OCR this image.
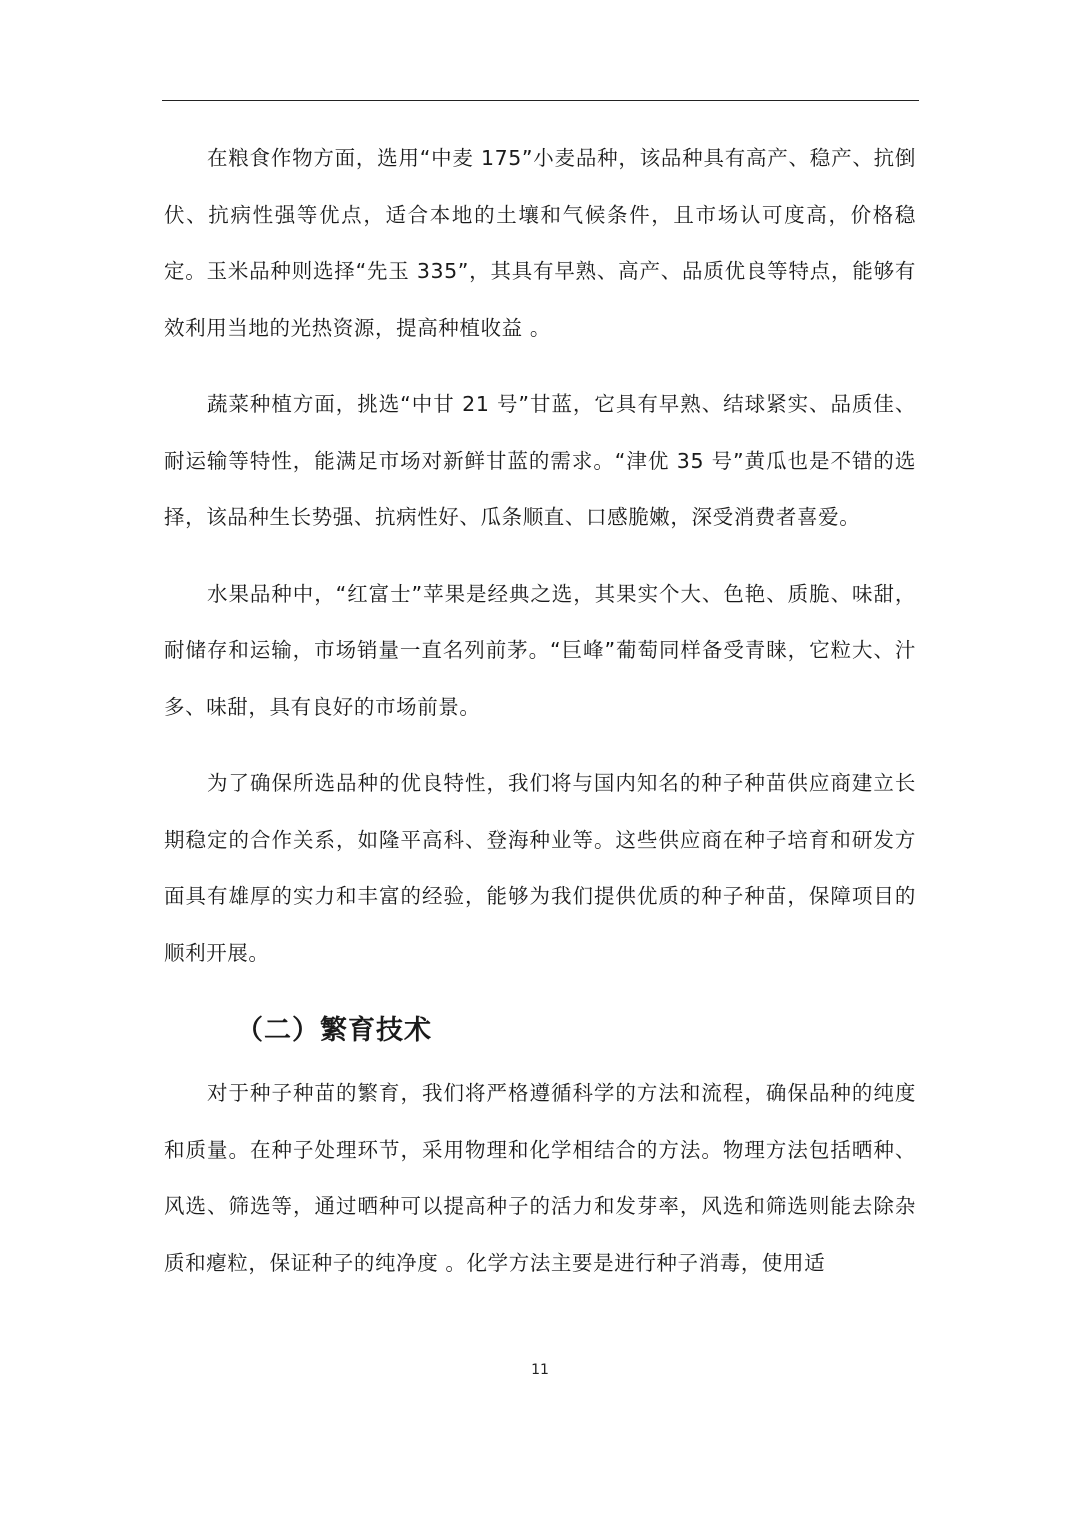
在粮食作物方面，选用“中麦 175”小麦品种，该品种具有高产、稳产、抗倒伏、抗病性强等优点，适合本地的土壤和气候条件，且市场认可度高，价格稳定。玉米品种则选择“先玉 335”，其具有早熟、高产、品质优良等特点，能够有效利用当地的光热资源，提高种植收益 。

蔬菜种植方面，挑选“中甘 21 号”甘蓝，它具有早熟、结球紧实、品质佳、耐运输等特性，能满足市场对新鲜甘蓝的需求。“津优 35 号”黄瓜也是不错的选择，该品种生长势强、抗病性好、瓜条顺直、口感脆嫩，深受消费者喜爱。

水果品种中，“红富士”苹果是经典之选，其果实个大、色艳、质脆、味甜，耐储存和运输，市场销量一直名列前茅。“巨峰”葡萄同样备受青睐，它粒大、汁多、味甜，具有良好的市场前景。

为了确保所选品种的优良特性，我们将与国内知名的种子种苗供应商建立长期稳定的合作关系，如隆平高科、登海种业等。这些供应商在种子培育和研发方面具有雄厚的实力和丰富的经验，能够为我们提供优质的种子种苗，保障项目的顺利开展。

（二）繁育技术

对于种子种苗的繁育，我们将严格遵循科学的方法和流程，确保品种的纯度和质量。在种子处理环节，采用物理和化学相结合的方法。物理方法包括晒种、风选、筛选等，通过晒种可以提高种子的活力和发芽率，风选和筛选则能去除杂质和瘪粒，保证种子的纯净度 。化学方法主要是进行种子消毒，使用适

11
